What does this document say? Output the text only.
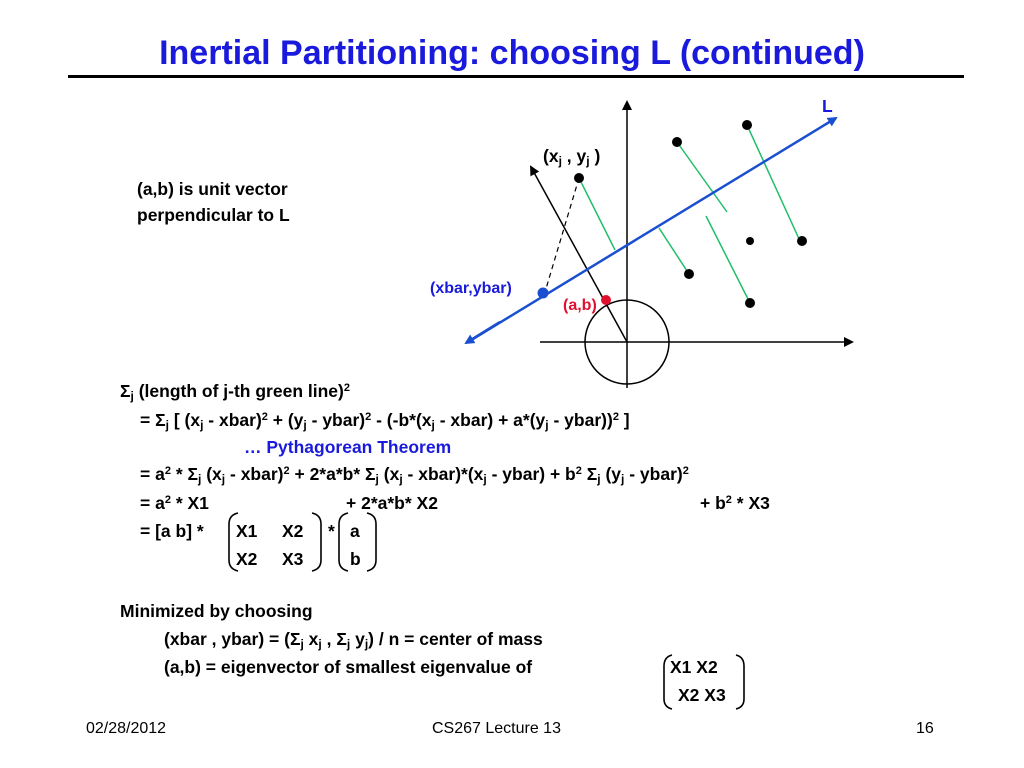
Inertial Partitioning: choosing L (continued)
L
($x_j$ , $y_j$ )
(xbar,ybar)
(a,b)
(a,b) is unit vector
perpendicular to L
$\Sigma_j$ (length of j-th green line)$^2$
= $\Sigma_j$ [ ($x_j$ - xbar)$^2$ + ($y_j$ - ybar)$^2$ - ($-b*(x_j$ - xbar) + $a*(y_j$ - ybar))$^2$ ]
… Pythagorean Theorem
= $a^2 * \Sigma_j$ ($x_j$ - xbar)$^2$ + 2*a*b* $\Sigma_j$ ($x_j$ - $xbar)*(x_j$ - ybar) + $b^2$ $\Sigma_j$ ($y_j$ - ybar)$^2$
= $a^2 * X1$	+ 2*a*b* X2	+ $b^2 * X3$
= [a b] * X1 X2
X2 X3
* a
b
Minimized by choosing
(xbar , ybar) = ($\Sigma_j$ $x_j$ , $\Sigma_j$ $y_j$) / n = center of mass
(a,b) = eigenvector of smallest eigenvalue of	X1 X2
X2 X3
02/28/2012	CS267 Lecture 13	16
